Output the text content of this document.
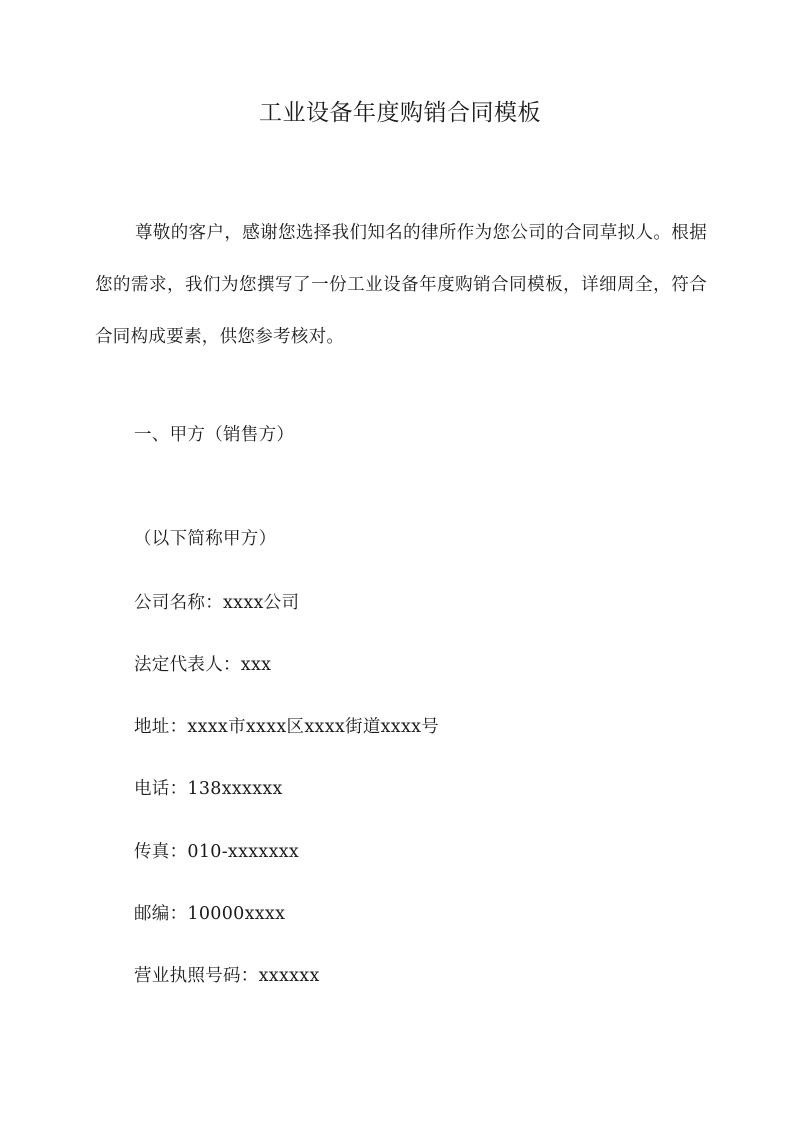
工业设备年度购销合同模板

尊敬的客户，感谢您选择我们知名的律所作为您公司的合同草拟人。根据您的需求，我们为您撰写了一份工业设备年度购销合同模板，详细周全，符合合同构成要素，供您参考核对。

一、甲方（销售方）

（以下简称甲方）

公司名称：xxxx公司

法定代表人：xxx

地址：xxxx市xxxx区xxxx街道xxxx号

电话：138xxxxxx

传真：010-xxxxxxx

邮编：10000xxxx

营业执照号码：xxxxxx
